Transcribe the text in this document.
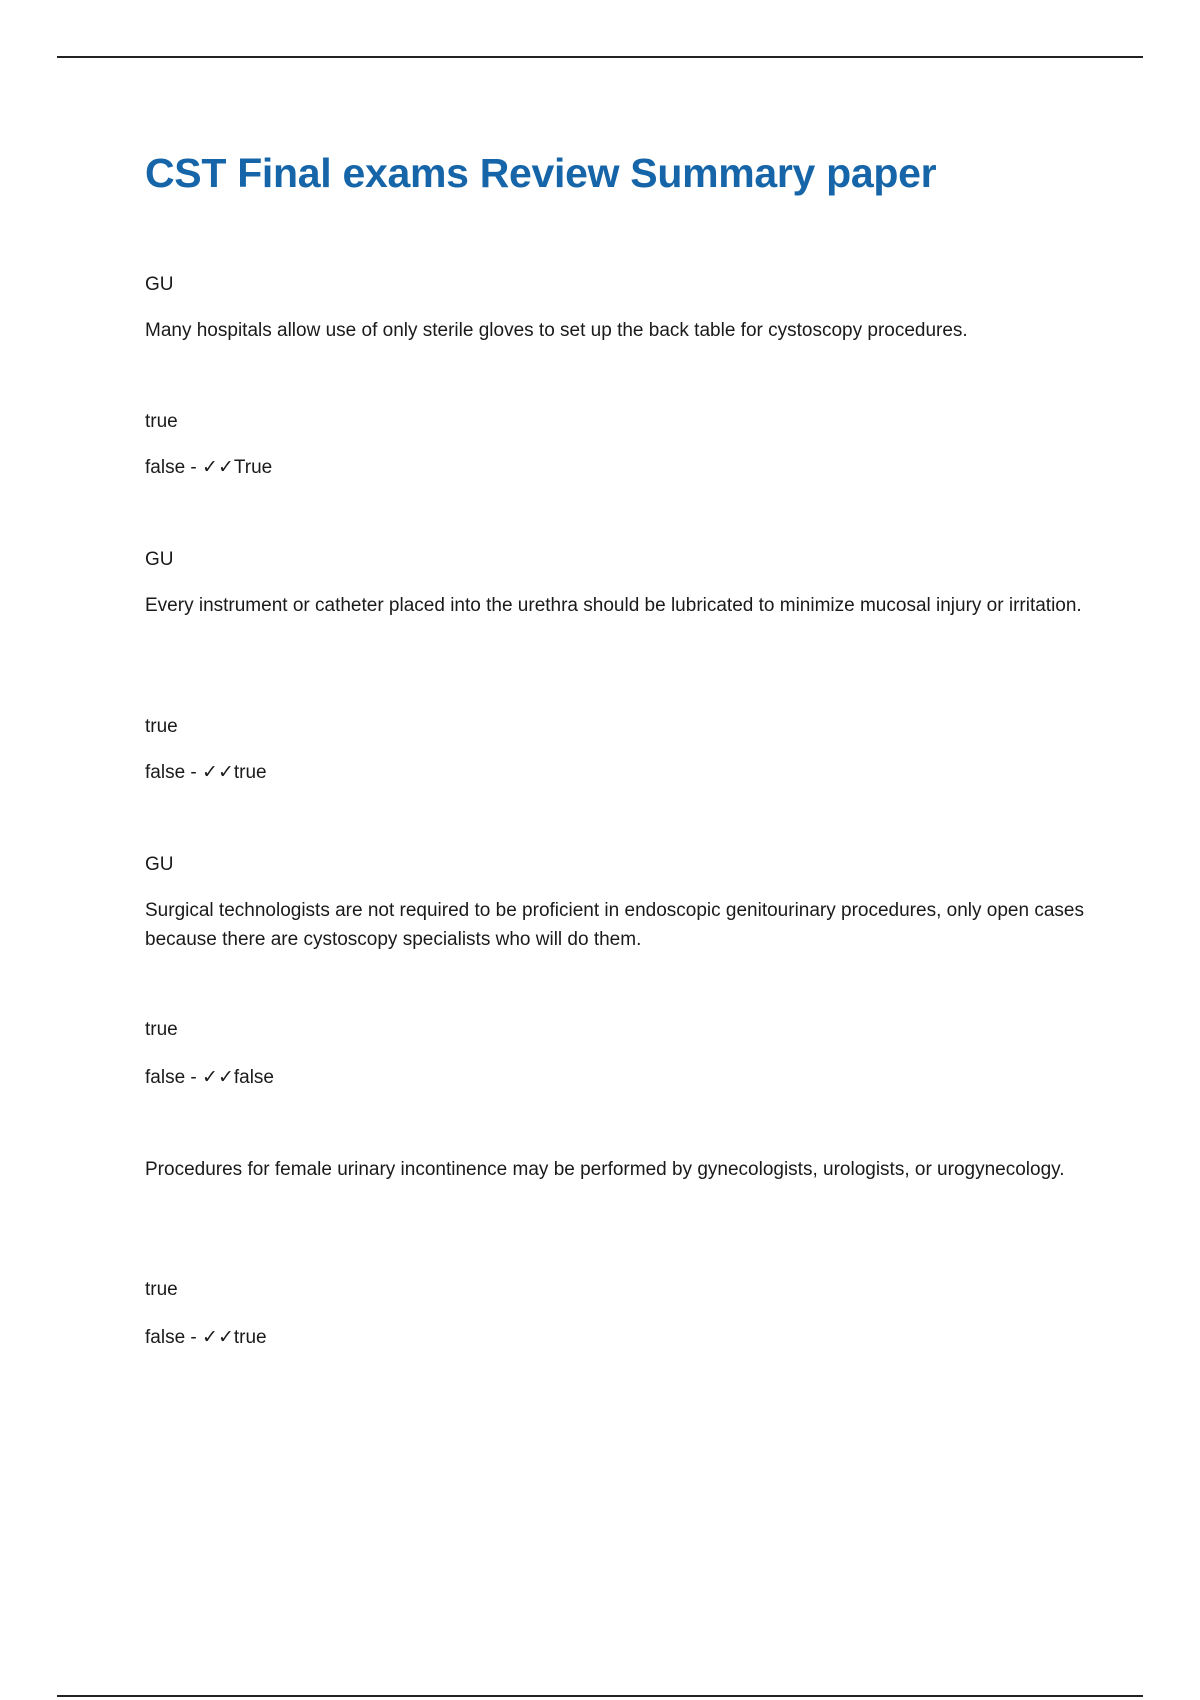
CST Final exams Review Summary paper

GU

Many hospitals allow use of only sterile gloves to set up the back table for cystoscopy procedures.

true

false - ✓✓True

GU

Every instrument or catheter placed into the urethra should be lubricated to minimize mucosal injury or irritation.

true

false - ✓✓true

GU

Surgical technologists are not required to be proficient in endoscopic genitourinary procedures, only open cases because there are cystoscopy specialists who will do them.

true

false - ✓✓false

Procedures for female urinary incontinence may be performed by gynecologists, urologists, or urogynecology.

true

false - ✓✓true
